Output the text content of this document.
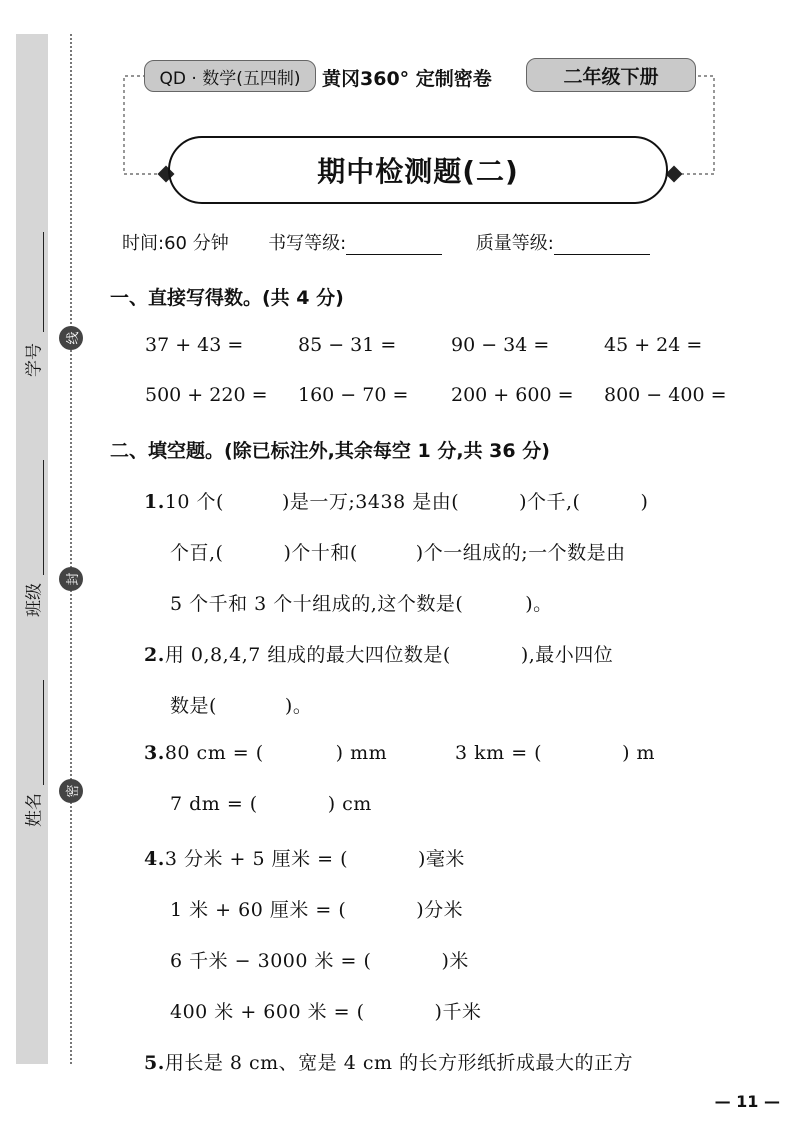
学号
班级
姓名
线
封
密
QD · 数学(五四制)	黄冈360° 定制密卷	二年级下册
期中检测题(二)
时间:60 分钟 书写等级:	质量等级:
一、直接写得数。(共 4 分)
37 + 43 =	85 − 31 =	90 − 34 =	45 + 24 =
500 + 220 = 160 − 70 = 200 + 600 = 800 − 400 =
二、填空题。(除已标注外,其余每空 1 分,共 36 分)
1.10 个(	)是一万;3438 是由(	)个千,(	)
个百,(	)个十和(	)个一组成的;一个数是由
5 个千和 3 个十组成的,这个数是(	)。
2.用 0,8,4,7 组成的最大四位数是(	),最小四位
数是(	)。
3.80 cm = (	) mm	3 km = (	) m
7 dm = (	) cm
4.3 分米 + 5 厘米 = (	)毫米
1 米 + 60 厘米 = (	)分米
6 千米 − 3000 米 = (	)米
400 米 + 600 米 = (	)千米
5.用长是 8 cm、宽是 4 cm 的长方形纸折成最大的正方
— 11 —
